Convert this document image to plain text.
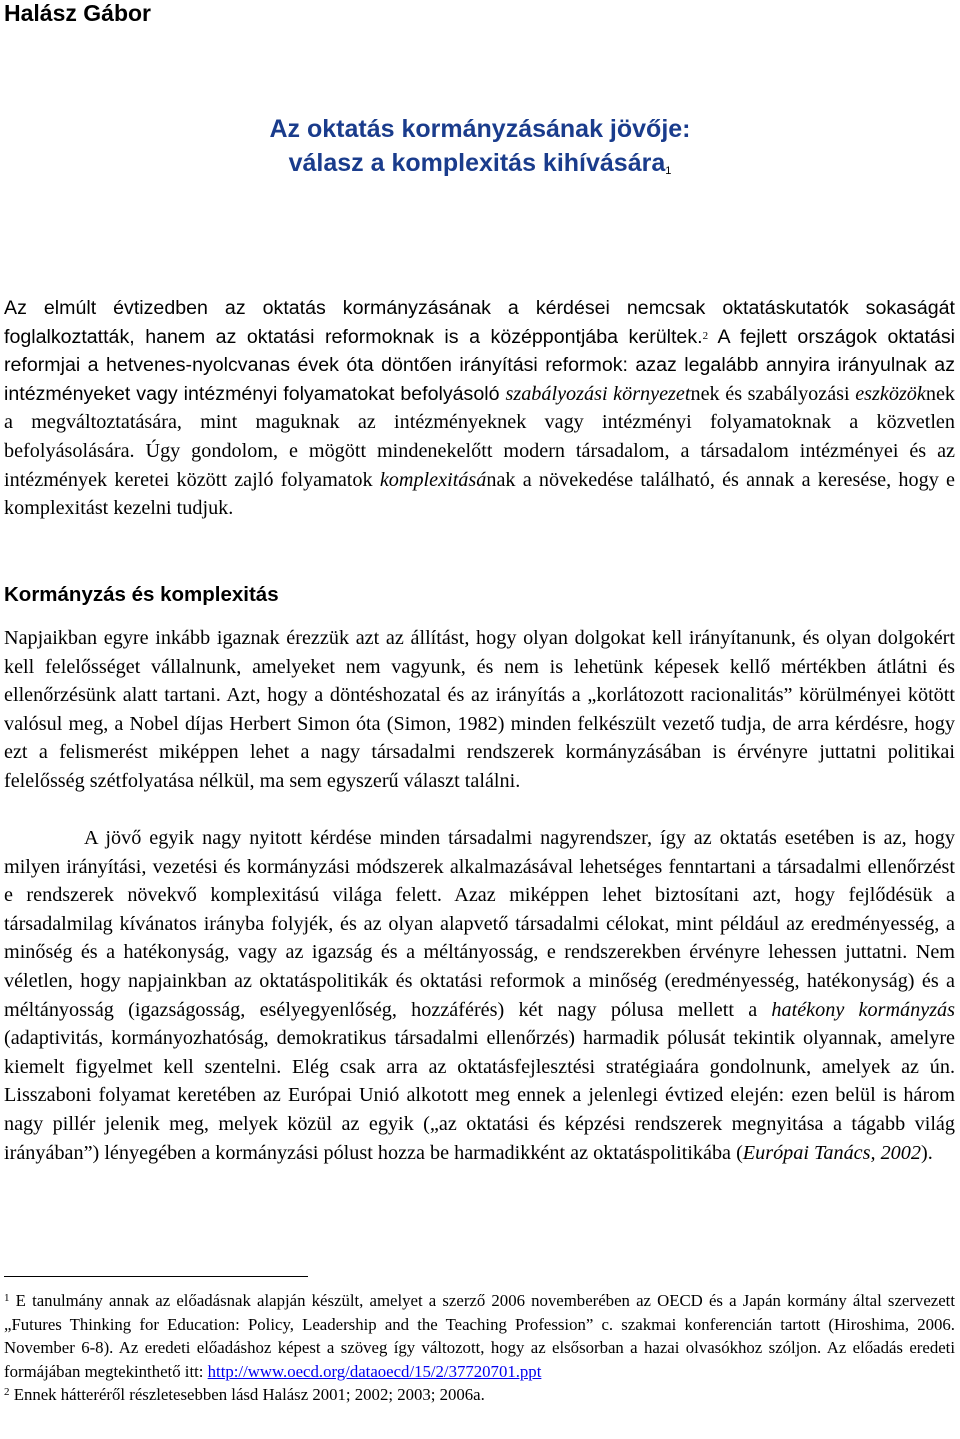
Halász Gábor
Az oktatás kormányzásának jövője:
válasz a komplexitás kihívására$^1$

Az elmúlt évtizedben az oktatás kormányzásának a kérdései nemcsak oktatáskutatók sokaságát foglalkoztatták, hanem az oktatási reformoknak is a középpontjába kerültek.$^2$ A fejlett országok oktatási reformjai a hetvenes-nyolcvanas évek óta döntően irányítási reformok: azaz legalább annyira irányulnak az intézményeket vagy intézményi folyamatokat befolyásoló szabályozási környezetnek és szabályozási eszközöknek a megváltoztatására, mint maguknak az intézményeknek vagy intézményi folyamatoknak a közvetlen befolyásolására. Úgy gondolom, e mögött mindenekelőtt modern társadalom, a társadalom intézményei és az intézmények keretei között zajló folyamatok komplexitásának a növekedése található, és annak a keresése, hogy e komplexitást kezelni tudjuk.

Kormányzás és komplexitás

Napjaikban egyre inkább igaznak érezzük azt az állítást, hogy olyan dolgokat kell irányítanunk, és olyan dolgokért kell felelősséget vállalnunk, amelyeket nem vagyunk, és nem is lehetünk képesek kellő mértékben átlátni és ellenőrzésünk alatt tartani. Azt, hogy a döntéshozatal és az irányítás a „korlátozott racionalitás” körülményei kötött valósul meg, a Nobel díjas Herbert Simon óta (Simon, 1982) minden felkészült vezető tudja, de arra kérdésre, hogy ezt a felismerést miképpen lehet a nagy társadalmi rendszerek kormányzásában is érvényre juttatni politikai felelősség szétfolyatása nélkül, ma sem egyszerű választ találni.

A jövő egyik nagy nyitott kérdése minden társadalmi nagyrendszer, így az oktatás esetében is az, hogy milyen irányítási, vezetési és kormányzási módszerek alkalmazásával lehetséges fenntartani a társadalmi ellenőrzést e rendszerek növekvő komplexitású világa felett. Azaz miképpen lehet biztosítani azt, hogy fejlődésük a társadalmilag kívánatos irányba folyjék, és az olyan alapvető társadalmi célokat, mint például az eredményesség, a minőség és a hatékonyság, vagy az igazság és a méltányosság, e rendszerekben érvényre lehessen juttatni. Nem véletlen, hogy napjainkban az oktatáspolitikák és oktatási reformok a minőség (eredményesség, hatékonyság) és a méltányosság (igazságosság, esélyegyenlőség, hozzáférés) két nagy pólusa mellett a hatékony kormányzás (adaptivitás, kormányozhatóság, demokratikus társadalmi ellenőrzés) harmadik pólusát tekintik olyannak, amelyre kiemelt figyelmet kell szentelni. Elég csak arra az oktatásfejlesztési stratégiaára gondolnunk, amelyek az ún. Lisszaboni folyamat keretében az Európai Unió alkotott meg ennek a jelenlegi évtized elején: ezen belül is három nagy pillér jelenik meg, melyek közül az egyik („az oktatási és képzési rendszerek megnyitása a tágabb világ irányában”) lényegében a kormányzási pólust hozza be harmadikként az oktatáspolitikába (Európai Tanács, 2002).

$^1$ E tanulmány annak az előadásnak alapján készült, amelyet a szerző 2006 novemberében az OECD és a Japán kormány által szervezett „Futures Thinking for Education: Policy, Leadership and the Teaching Profession” c. szakmai konferencián tartott (Hiroshima, 2006. November 6-8). Az eredeti előadáshoz képest a szöveg így változott, hogy az elsősorban a hazai olvasókhoz szóljon. Az előadás eredeti formájában megtekinthető itt: http://www.oecd.org/dataoecd/15/2/37720701.ppt

$^2$ Ennek hátteréről részletesebben lásd Halász 2001; 2002; 2003; 2006a.
